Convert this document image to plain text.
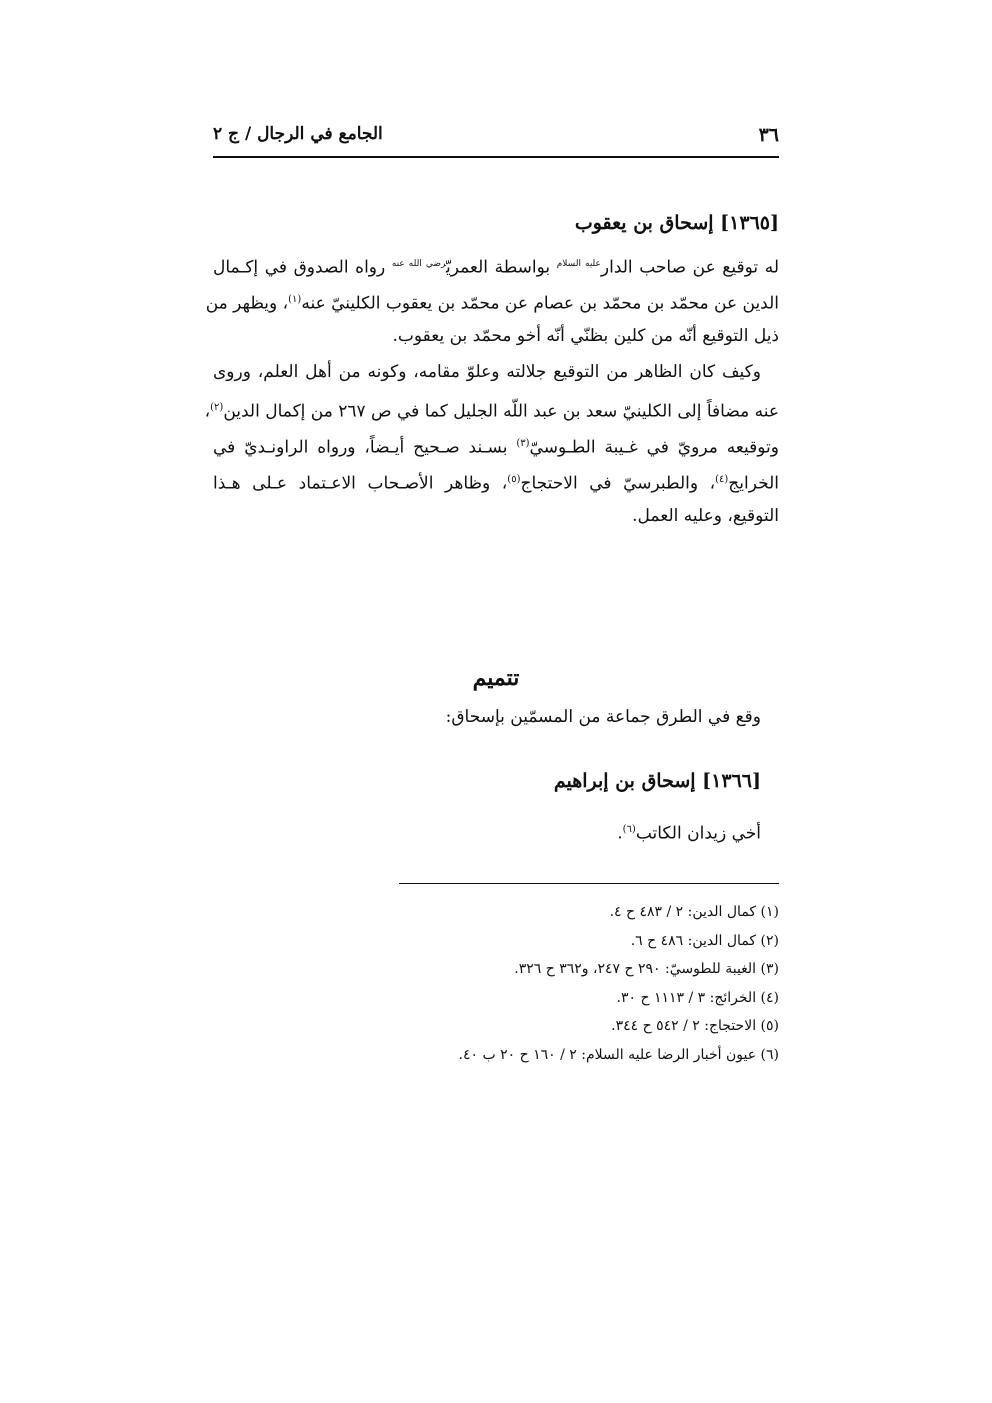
٣٦
الجامع في الرجال / ج ٢
[١٣٦٥] إسحاق بن يعقوب
له توقيع عن صاحب الدار$^{عليه السلام}$ بواسطة العمريّ$^{رضي الله عنه}$ رواه الصدوق في إكـمال
الدين عن محمّد بن محمّد بن عصام عن محمّد بن يعقوب الكلينيّ عنه$^{(١)}$، ويظهر من
ذيل التوقيع أنّه من كلين بظنّي أنّه أخو محمّد بن يعقوب.
وكيف كان الظاهر من التوقيع جلالته وعلوّ مقامه، وكونه من أهل العلم، وروى
عنه مضافاً إلى الكلينيّ سعد بن عبد اللّه الجليل كما في ص ٢٦٧ من إكمال الدين$^{(٢)}$،
وتوقيعه مرويّ في غـيبة الطـوسيّ$^{(٣)}$ بسـند صـحيح أيـضاً، ورواه الراونـديّ في
الخرايج$^{(٤)}$، والطبرسيّ في الاحتجاج$^{(٥)}$، وظاهر الأصـحاب الاعـتماد عـلى هـذا
التوقيع، وعليه العمل.
تتميم
وقع في الطرق جماعة من المسمّين بإسحاق:
[١٣٦٦] إسحاق بن إبراهيم
أخي زيدان الكاتب$^{(٦)}$.
(١) كمال الدين: ٢ / ٤٨٣ ح ٤.
(٢) كمال الدين: ٤٨٦ ح ٦.
(٣) الغيبة للطوسيّ: ٢٩٠ ح ٢٤٧، و٣٦٢ ح ٣٢٦.
(٤) الخرائج: ٣ / ١١١٣ ح ٣٠.
(٥) الاحتجاج: ٢ / ٥٤٢ ح ٣٤٤.
(٦) عيون أخبار الرضا عليه السلام: ٢ / ١٦٠ ح ٢٠ ب ٤٠.
